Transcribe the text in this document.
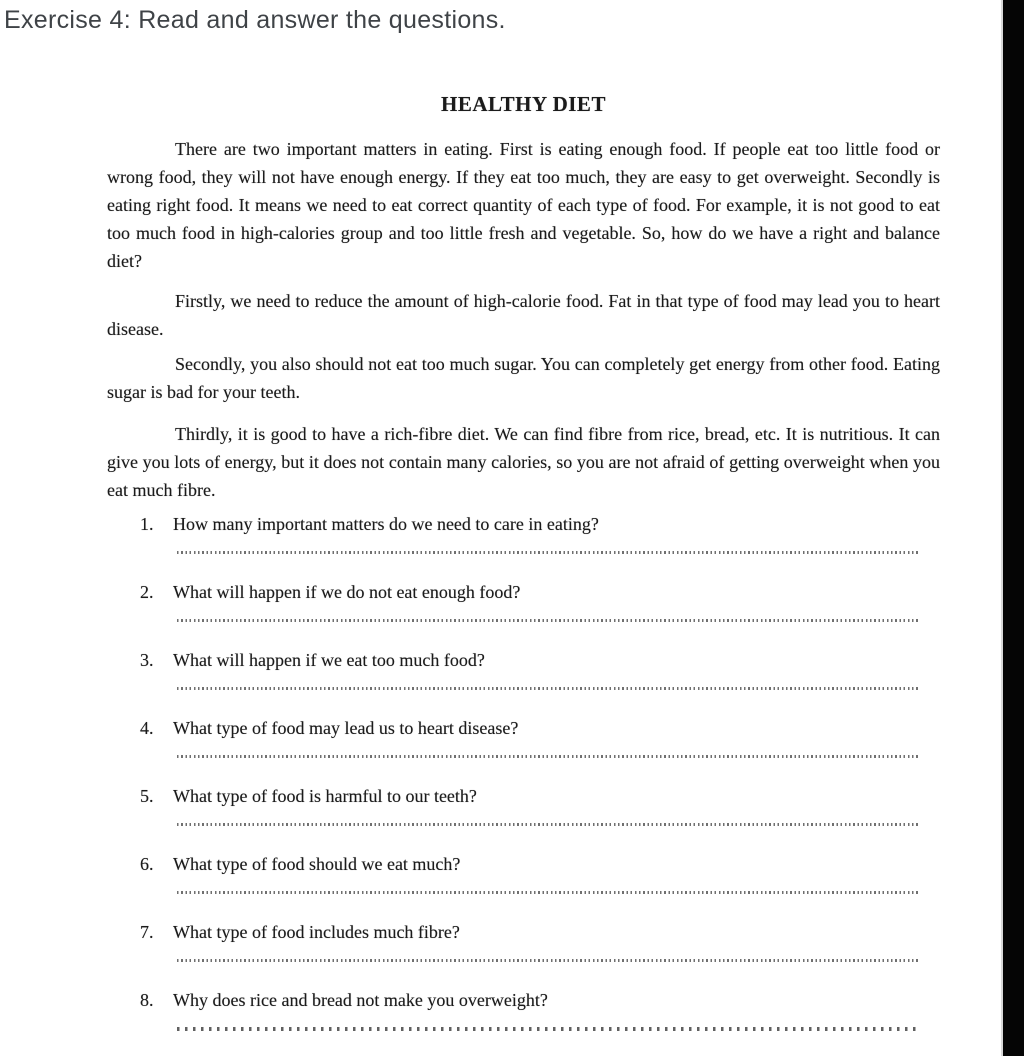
Exercise 4: Read and answer the questions.
HEALTHY DIET

There are two important matters in eating. First is eating enough food. If people eat too little food or wrong food, they will not have enough energy. If they eat too much, they are easy to get overweight. Secondly is eating right food. It means we need to eat correct quantity of each type of food. For example, it is not good to eat too much food in high-calories group and too little fresh and vegetable. So, how do we have a right and balance diet?

Firstly, we need to reduce the amount of high-calorie food. Fat in that type of food may lead you to heart disease.

Secondly, you also should not eat too much sugar. You can completely get energy from other food. Eating sugar is bad for your teeth.

Thirdly, it is good to have a rich-fibre diet. We can find fibre from rice, bread, etc. It is nutritious. It can give you lots of energy, but it does not contain many calories, so you are not afraid of getting overweight when you eat much fibre.

1.	How many important matters do we need to care in eating?
2.	What will happen if we do not eat enough food?
3.	What will happen if we eat too much food?
4.	What type of food may lead us to heart disease?
5.	What type of food is harmful to our teeth?
6.	What type of food should we eat much?
7.	What type of food includes much fibre?
8.	Why does rice and bread not make you overweight?
